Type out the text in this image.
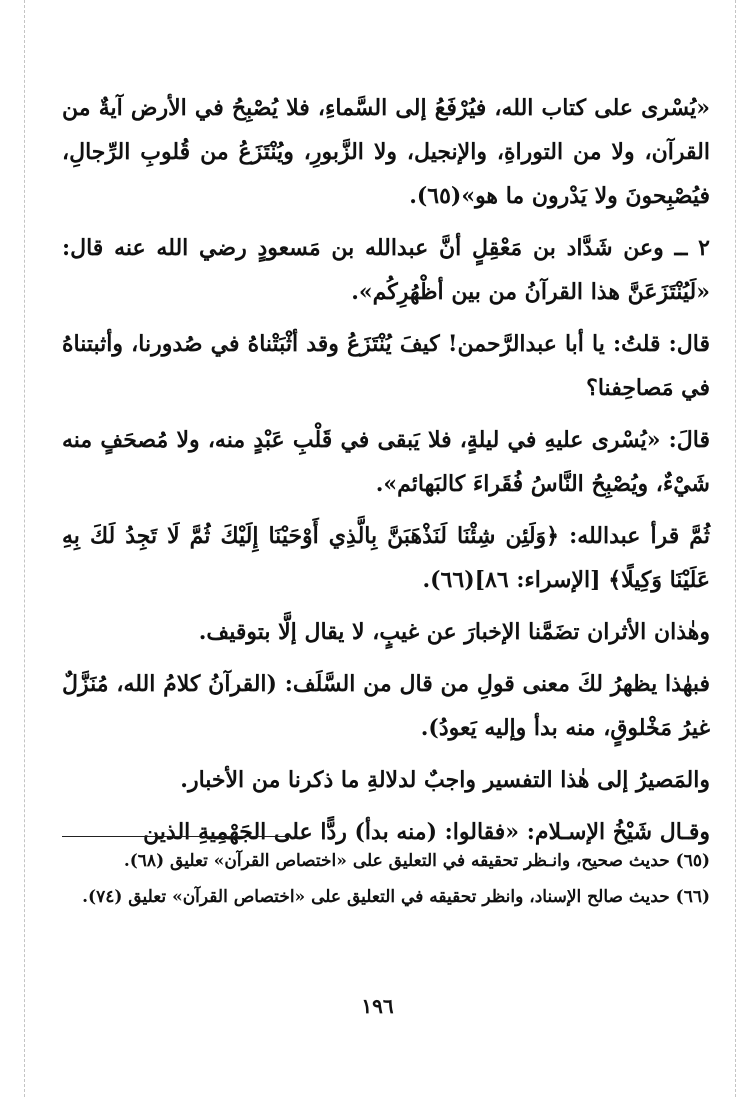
«يُسْرى على كتاب الله، فيُرْفَعُ إلى السَّماءِ، فلا يُصْبِحُ في الأرض آيةٌ من القرآن، ولا من التوراةِ، والإنجيل، ولا الزَّبورِ، ويُنْتَزَعُ من قُلوبِ الرِّجالِ، فيُصْبِحونَ ولا يَدْرون ما هو»(٦٥).

٢ ــ وعن شَدَّاد بن مَعْقِلٍ أنَّ عبدالله بن مَسعودٍ رضي الله عنه قال: «لَيُنْتَزَعَنَّ هذا القرآنُ من بين أظْهُرِكُم».

قال: قلتُ: يا أبا عبدالرَّحمن! كيفَ يُنْتَزَعُ وقد أثْبَتْناهُ في صُدورنا، وأثبتناهُ في مَصاحِفنا؟

قالَ: «يُسْرى عليهِ في ليلةٍ، فلا يَبقى في قَلْبِ عَبْدٍ منه، ولا مُصحَفٍ منه شَيْءٌ، ويُصْبِحُ النَّاسُ فُقَراءَ كالبَهائم».

ثُمَّ قرأ عبدالله: ﴿وَلَئِن شِئْنَا لَنَذْهَبَنَّ بِالَّذِي أَوْحَيْنَا إِلَيْكَ ثُمَّ لَا تَجِدُ لَكَ بِهِ عَلَيْنَا وَكِيلًا﴾ [الإسراء: ٨٦](٦٦).

وهٰذان الأثران تضَمَّنا الإخبارَ عن غيبٍ، لا يقال إلَّا بتوقيف.

فبهٰذا يظهرُ لكَ معنى قولِ من قال من السَّلَف: (القرآنُ كلامُ الله، مُنَزَّلٌ غيرُ مَخْلوقٍ، منه بدأ وإليه يَعودُ).

والمَصيرُ إلى هٰذا التفسير واجبٌ لدلالةِ ما ذكرنا من الأخبار.

وقـال شَيْخُ الإسـلام: «فقالوا: (منه بدأ) ردًّا على الجَهْمِيةِ الذين

(٦٥) حديث صحيح، وانـظر تحقيقه في التعليق على «اختصاص القرآن» تعليق (٦٨).

(٦٦) حديث صالح الإسناد، وانظر تحقيقه في التعليق على «اختصاص القرآن» تعليق (٧٤).

١٩٦
